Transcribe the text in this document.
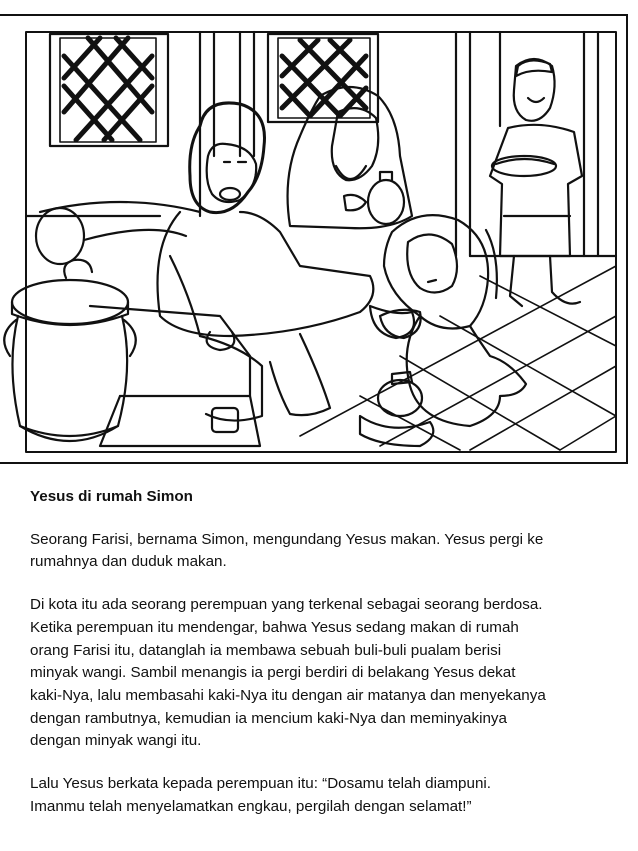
Yesus di rumah Simon

Seorang Farisi, bernama Simon, mengundang Yesus makan. Yesus pergi ke
rumahnya dan duduk makan.

Di kota itu ada seorang perempuan yang terkenal sebagai seorang berdosa.
Ketika perempuan itu mendengar, bahwa Yesus sedang makan di rumah
orang Farisi itu, datanglah ia membawa sebuah buli-buli pualam berisi
minyak wangi. Sambil menangis ia pergi berdiri di belakang Yesus dekat
kaki-Nya, lalu membasahi kaki-Nya itu dengan air matanya dan menyekanya
dengan rambutnya, kemudian ia mencium kaki-Nya dan meminyakinya
dengan minyak wangi itu.

Lalu Yesus berkata kepada perempuan itu: “Dosamu telah diampuni.
Imanmu telah menyelamatkan engkau, pergilah dengan selamat!”
